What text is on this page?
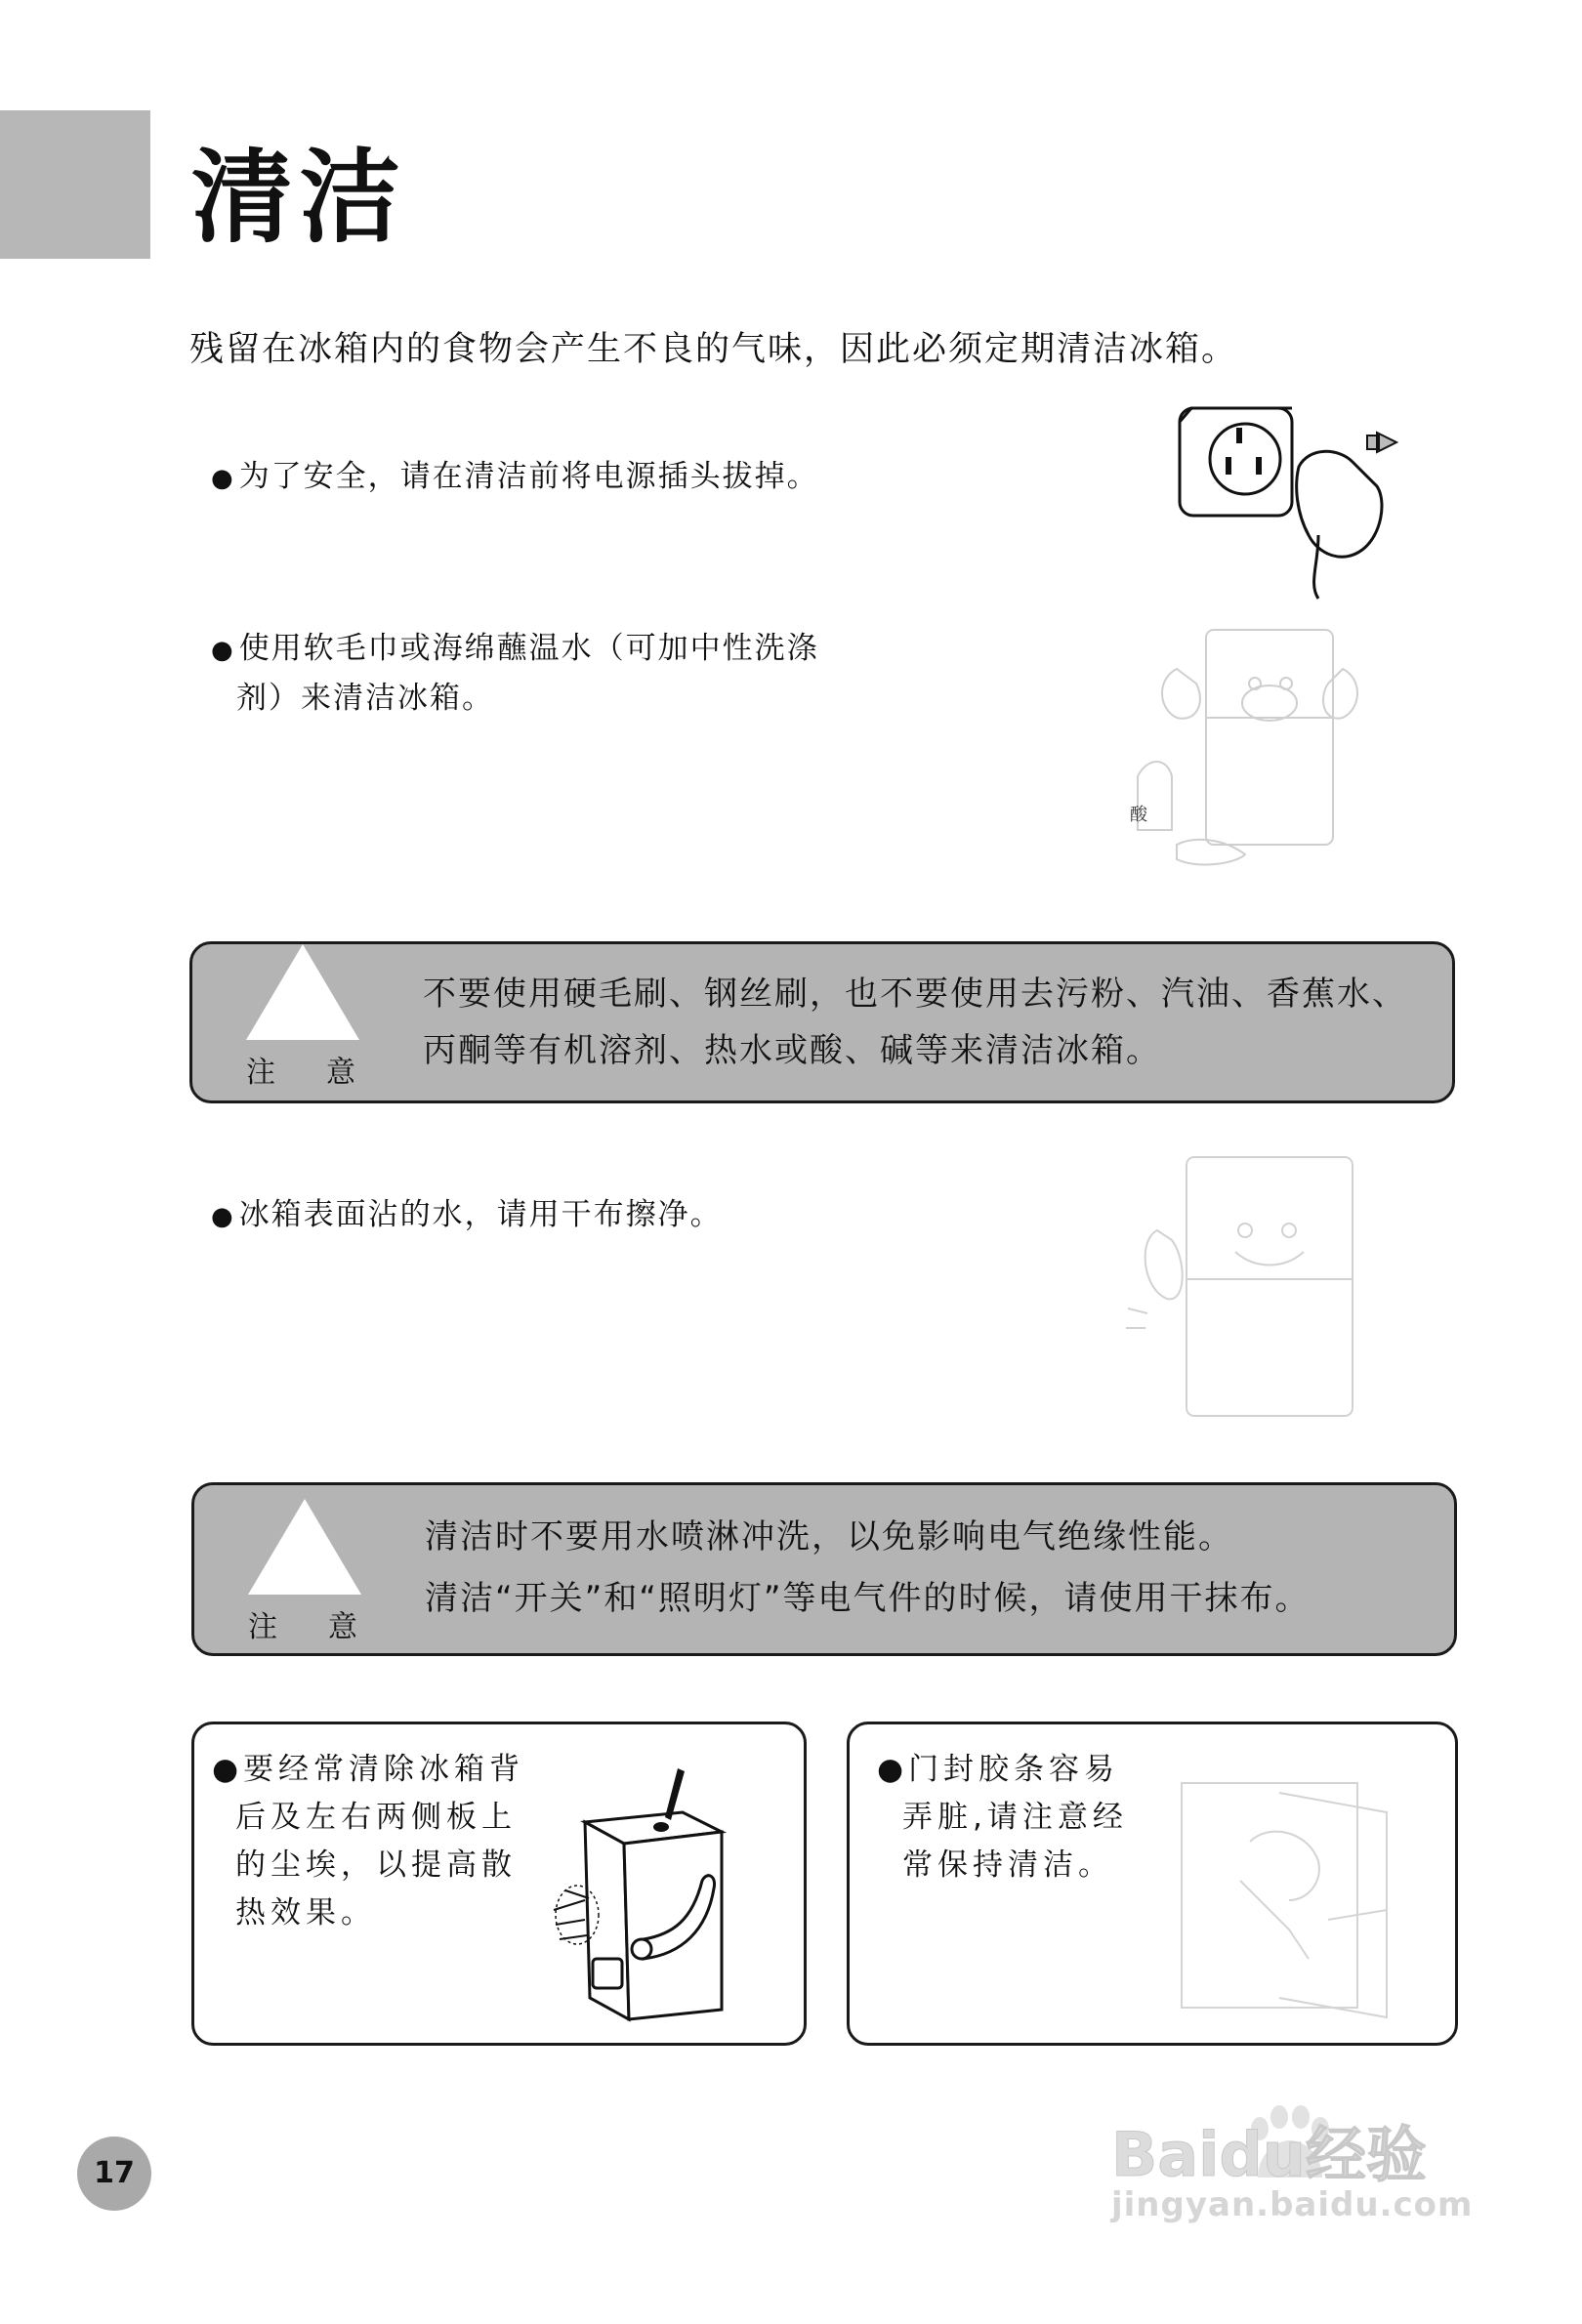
清洁
残留在冰箱内的食物会产生不良的气味，因此必须定期清洁冰箱。
● 为了安全，请在清洁前将电源插头拔掉。
● 使用软毛巾或海绵蘸温水（可加中性洗涤
剂）来清洁冰箱。
酸
注意
不要使用硬毛刷、钢丝刷，也不要使用去污粉、汽油、香蕉水、
丙酮等有机溶剂、热水或酸、碱等来清洁冰箱。
● 冰箱表面沾的水，请用干布擦净。
注意
清洁时不要用水喷淋冲洗，以免影响电气绝缘性能。
清洁“开关”和“照明灯”等电气件的时候，请使用干抹布。
●要经常清除冰箱背
后及左右两侧板上
的尘埃，以提高散
热效果。
●门封胶条容易
弄脏,请注意经
常保持清洁。
17	Baidu经验
jingyan.baidu.com
